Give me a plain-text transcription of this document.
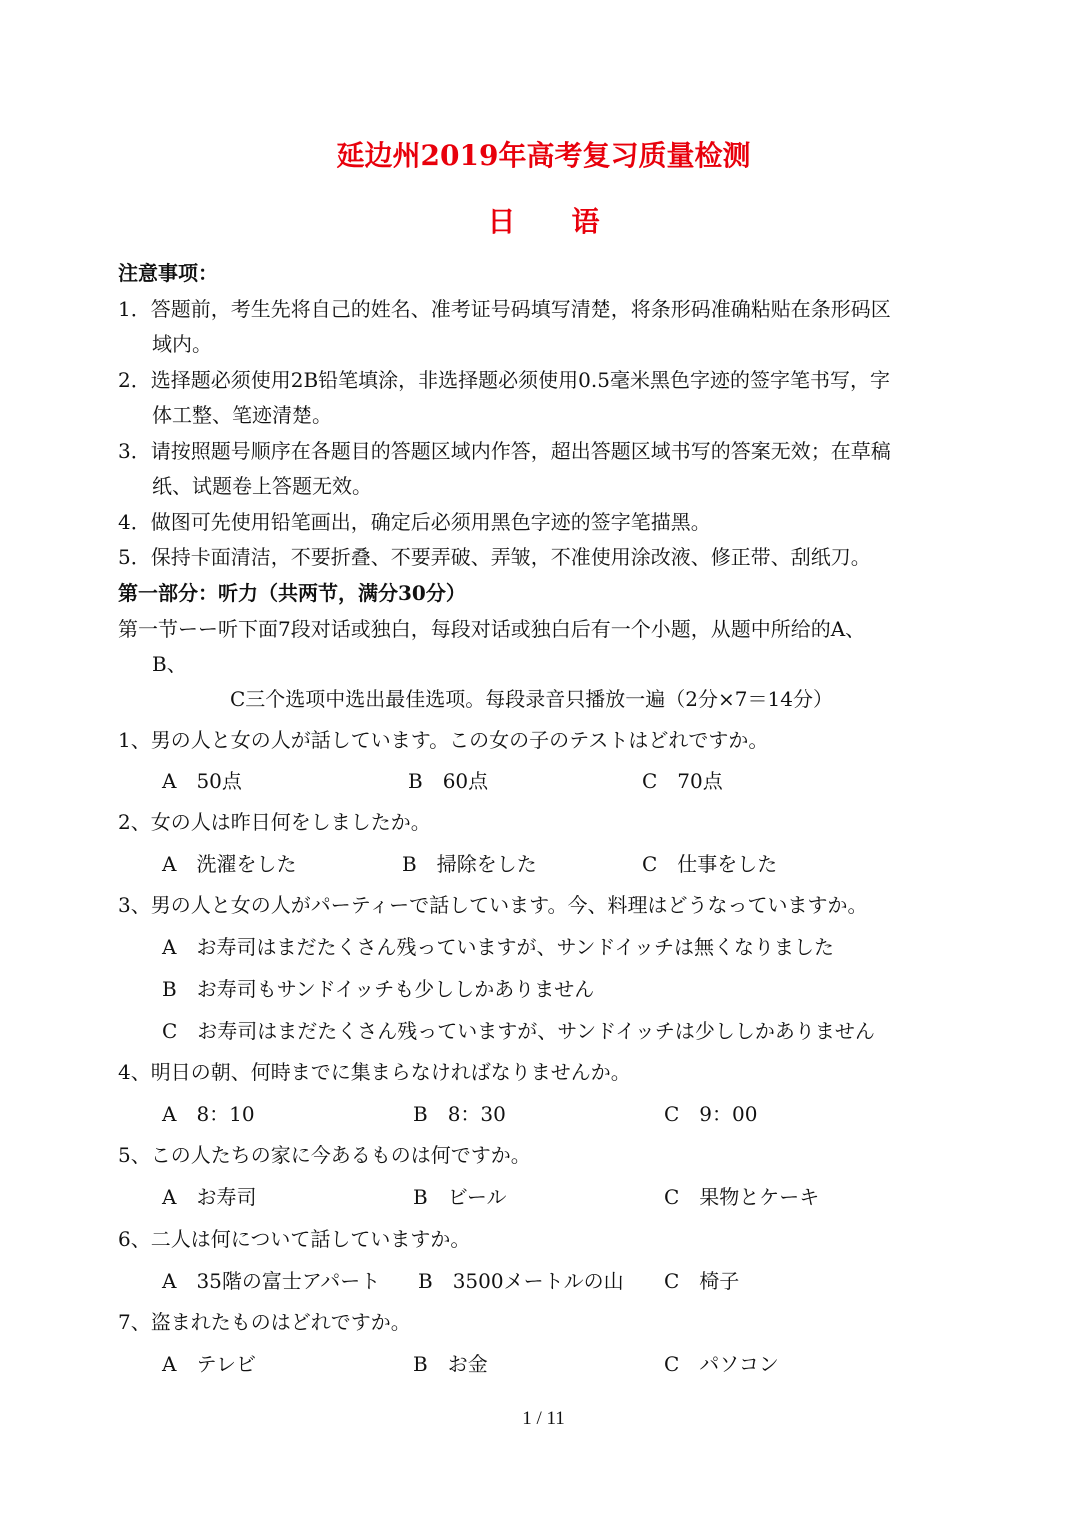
延边州2019年高考复习质量检测
日 语
注意事项：
1．答题前，考生先将自己的姓名、准考证号码填写清楚，将条形码准确粘贴在条形码区
域内。
2．选择题必须使用2B铅笔填涂，非选择题必须使用0.5毫米黑色字迹的签字笔书写，字
体工整、笔迹清楚。
3．请按照题号顺序在各题目的答题区域内作答，超出答题区域书写的答案无效；在草稿
纸、试题卷上答题无效。
4．做图可先使用铅笔画出，确定后必须用黑色字迹的签字笔描黑。
5．保持卡面清洁，不要折叠、不要弄破、弄皱，不准使用涂改液、修正带、刮纸刀。
第一部分：听力（共两节，满分30分）
第一节ーー听下面7段对话或独白，每段对话或独白后有一个小题，从题中所给的A、
B、
C三个选项中选出最佳选项。每段录音只播放一遍（2分×7＝14分）
1、男の人と女の人が話しています。この女の子のテストはどれですか。
A　50点	B　60点	C　70点
2、女の人は昨日何をしましたか。
A　洗濯をした	B　掃除をした	C　仕事をした
3、男の人と女の人がパーティーで話しています。今、料理はどうなっていますか。
A　お寿司はまだたくさん残っていますが、サンドイッチは無くなりました
B　お寿司もサンドイッチも少ししかありません
C　お寿司はまだたくさん残っていますが、サンドイッチは少ししかありません
4、明日の朝、何時までに集まらなければなりませんか。
A　8：10	B　8：30	C　9：00
5、この人たちの家に今あるものは何ですか。
A　お寿司	B　ビール	C　果物とケーキ
6、二人は何について話していますか。
A　35階の富士アパート B　3500メートルの山 C　椅子
7、盗まれたものはどれですか。
A　テレビ	B　お金	C　パソコン
1 / 11
